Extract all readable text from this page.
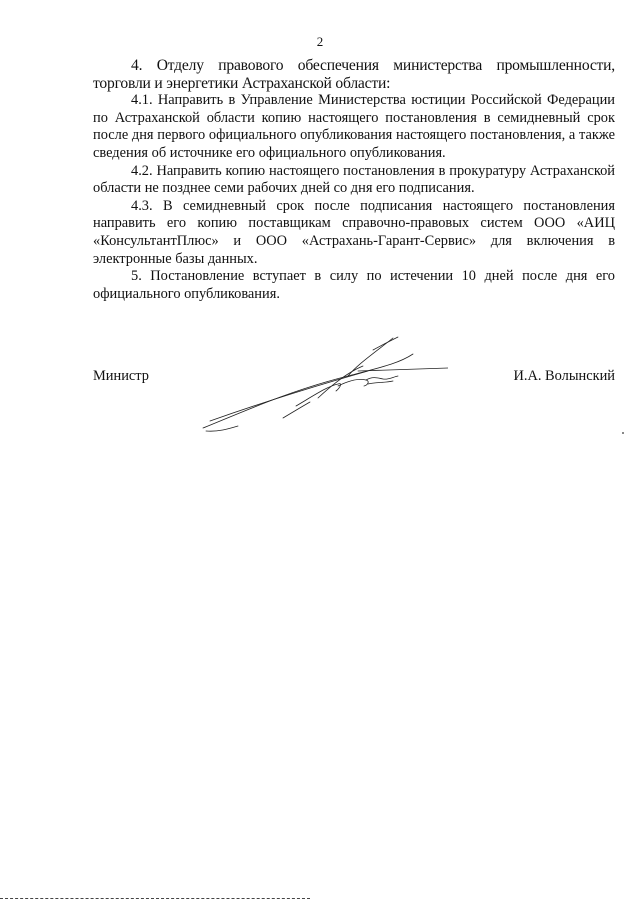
2

4. Отделу правового обеспечения министерства промышленности, торговли и энергетики Астраханской области:

4.1. Направить в Управление Министерства юстиции Российской Федерации по Астраханской области копию настоящего постановления в семидневный срок после дня первого официального опубликования настоящего постановления, а также сведения об источнике его официального опубликования.

4.2. Направить копию настоящего постановления в прокуратуру Астраханской области не позднее семи рабочих дней со дня его подписания.

4.3. В семидневный срок после подписания настоящего постановления направить его копию поставщикам справочно-правовых систем ООО «АИЦ «КонсультантПлюс» и ООО «Астрахань-Гарант-Сервис» для включения в электронные базы данных.

5. Постановление вступает в силу по истечении 10 дней после дня его официального опубликования.

Министр	И.А. Волынский
